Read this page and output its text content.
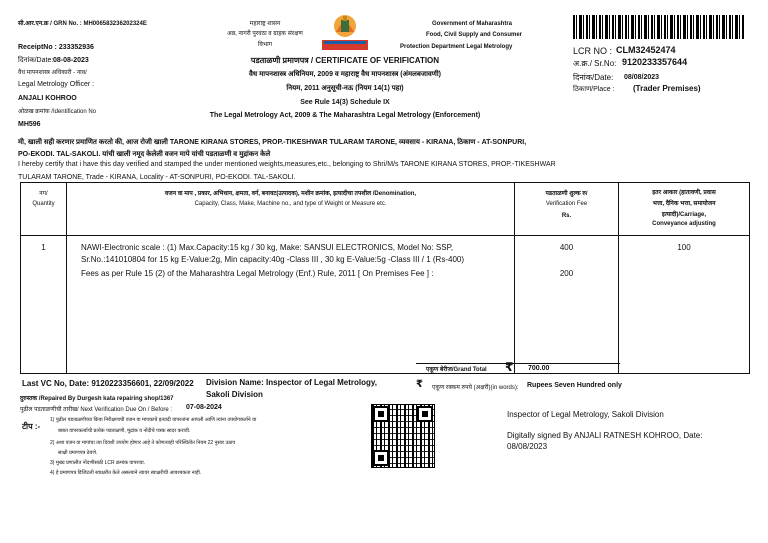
सी.आर.एन.क्र / GRN No. : MH006583236202324E
ReceiptNo : 233352936
दिनांक/Date: 08-08-2023
वैध मापनशास्त्र अधिकारी - नाव/
Legal Metrology Officer :
ANJALI KOHROO
ओळख क्रमांक /Identification No
MH596
महाराष्ट्र शासन
अन्न, नागरी पुरवठा व ग्राहक संरक्षण
विभाग
Government of Maharashtra
Food, Civil Supply and Consumer
Protection Department Legal Metrology
पडताळणी प्रमाणपत्र / CERTIFICATE OF VERIFICATION
वैध मापनशास्त्र अधिनियम, 2009 व महाराष्ट्र वैध मापनशास्त्र (अंमलबजावणी)
नियम, 2011 अनुसूची-नऊ (नियम 14(1) पहा)
See Rule 14(3) Schedule IX
The Legal Metrology Act, 2009 & The Maharashtra Legal Metrology (Enforcement)
LCR NO : CLM32452474
अ.क्र./ Sr.No: 9120233357644
दिनांक/Date: 08/08/2023
ठिकाण/Place : (Trader Premises)
मी, खाली सही करणार प्रमाणित करतो की, आज रोजी खाली TARONE KIRANA STORES, PROP.-TIKESHWAR TULARAM TARONE, व्यवसाय - KIRANA, ठिकाण - AT-SONPURI,
PO-EKODI. TAL-SAKOLI. यांची खाली नमूद केलेली वजन मापे यांची पडताळणी व मुद्रांकन केले
I hereby certify that i have this day verified and stamped the under mentioned weights,measures,etc., belonging to Shri/M/s TARONE KIRANA STORES, PROP.-TIKESHWAR
TULARAM TARONE, Trade - KIRANA, Locality - AT-SONPURI, PO-EKODI. TAL-SAKOLI.
नग/
Quantity
वजन वा माप , प्रकार, अभिधान, क्षमता, वर्ग, बनावट(उत्पादक), मशीन क्रमांक, इत्यादीचा तपशील /Denomination,
Capacity, Class, Make, Machine no., and type of Weight or Measure etc.
पडताळणी शुल्क रु/
Verification Fee
Rs.
इतर आकार (हातावणी, प्रवास
भत्ता, दैनिक भत्ता, समायोजन
इत्यादी)/Carriage,
Conveyance adjusting
1	NAWI-Electronic scale : (1) Max.Capacity:15 kg / 30 kg, Make: SANSUI ELECTRONICS, Model No: SSP,
Sr.No.:141010804 for 15 kg E-Value:2g, Min capacity:40g -Class III , 30 kg E-Value:5g -Class III / 1 (Rs-400)
Fees as per Rule 15 (2) of the Maharashtra Legal Metrology (Enf.) Rule, 2011 [ On Premises Fee ] :
400
200
100
एकूण बेरीज/Grand Total ₹ 700.00
Last VC No, Date: 9120223356601, 22/09/2022 Division Name: Inspector of Legal Metrology,
Sakoli Division
₹ एकूण रक्कम रुपये (अक्षरी)(in words): Rupees Seven Hundred only
दुरुस्तक /Repaired By Durgesh kata repairing shop/1367
पुढील पडताळणीची तारीख/ Next Verification Due On / Before : 07-08-2024
टीप :-
1) पुढील पडताळणीच्या किंवा निरीक्षणाची वजन वा मापकाचे इत्यादी वापरतांना आपली आणि त्यांना उपयोगकर्ताने या
बाबत वापरकर्त्याची प्रत्येक पडताळणी, मुद्रांक व नोंदीचे पत्रक सादर करावी.
2) अशा वजन वा मापांचा त्या दिवशी उपयोग होणार आहे ते कोणत्याही परिस्थितीत नियम 22 नुसार उठाव
साक्षी प्रमाणपत्र ठेवणे.
3) मुख्य प्रणालीत नोंदणीसाठी LCR क्रमांक वापरावा.
4) हे प्रमाणपत्र डिजिटली स्वाक्षरीत केले असल्याने त्यावर स्वाक्षरीची आवश्यकता नाही.
Inspector of Legal Metrology, Sakoli Division
Digitally signed By ANJALI RATNESH KOHROO, Date:
08/08/2023
